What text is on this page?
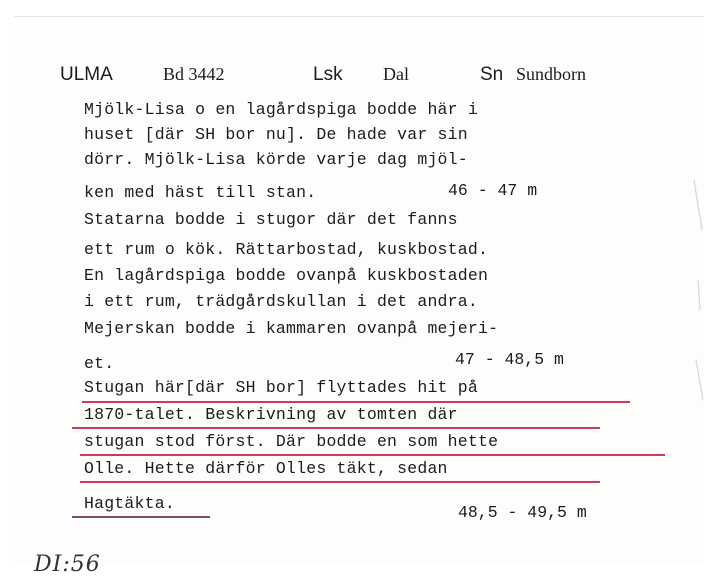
ULMA	Bd 3442	Lsk Dal	Sn Sundborn
Mjölk-Lisa o en lagårdspiga bodde här i
huset [där SH bor nu]. De hade var sin
dörr. Mjölk-Lisa körde varje dag mjöl-
ken med häst till stan.	46 - 47 m
Statarna bodde i stugor där det fanns
ett rum o kök. Rättarbostad, kuskbostad.
En lagårdspiga bodde ovanpå kuskbostaden
i ett rum, trädgårdskullan i det andra.
Mejerskan bodde i kammaren ovanpå mejeri-
et.	47 - 48,5 m
Stugan här[där SH bor] flyttades hit på
1870-talet. Beskrivning av tomten där
stugan stod först. Där bodde en som hette
Olle. Hette därför Olles täkt, sedan
Hagtäkta.	48,5 - 49,5 m
DI:56
